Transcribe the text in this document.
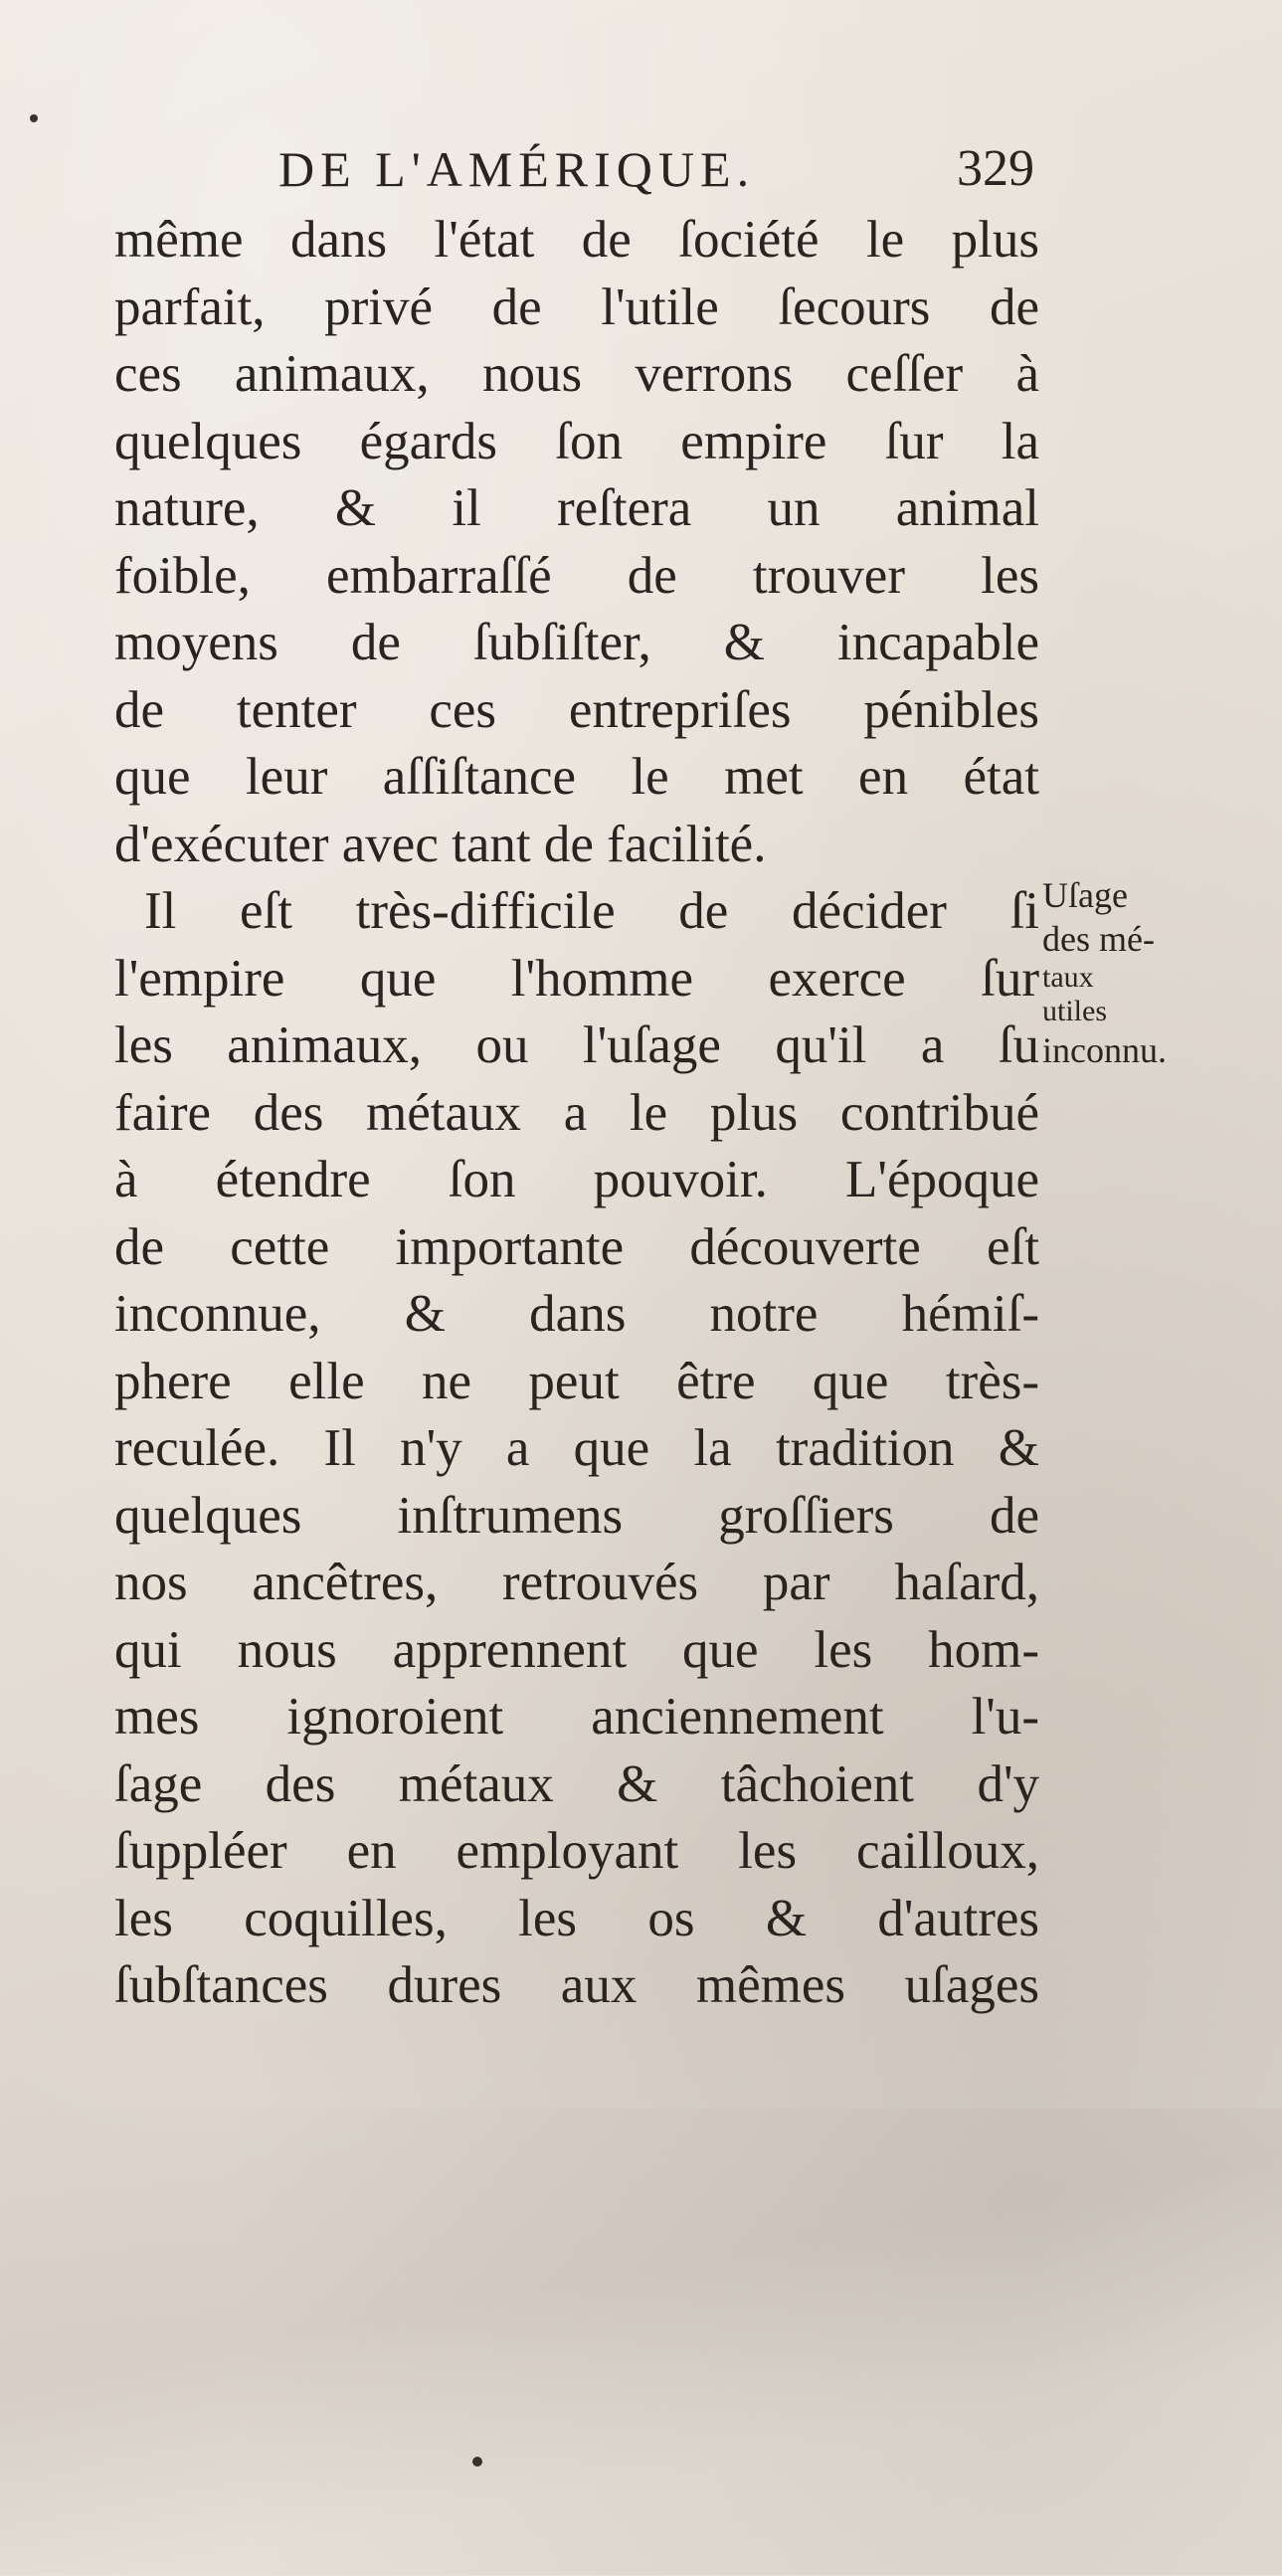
DE L'AMÉRIQUE.	329
même dans l'état de ſociété le plus
parfait, privé de l'utile ſecours de
ces animaux, nous verrons ceſſer à
quelques égards ſon empire ſur la
nature, & il reſtera un animal
foible, embarraſſé de trouver les
moyens de ſubſiſter, & incapable
de tenter ces entrepriſes pénibles
que leur aſſiſtance le met en état
d'exécuter avec tant de facilité.
Il eſt très-difficile de décider ſi
l'empire que l'homme exerce ſur
les animaux, ou l'uſage qu'il a ſu
faire des métaux a le plus contribué
à étendre ſon pouvoir. L'époque
de cette importante découverte eſt
inconnue, & dans notre hémiſ-
phere elle ne peut être que très-
reculée. Il n'y a que la tradition &
quelques inſtrumens groſſiers de
nos ancêtres, retrouvés par haſard,
qui nous apprennent que les hom-
mes ignoroient anciennement l'u-
ſage des métaux & tâchoient d'y
ſuppléer en employant les cailloux,
les coquilles, les os & d'autres
ſubſtances dures aux mêmes uſages
Uſage
des mé-
taux
utiles
inconnu.
